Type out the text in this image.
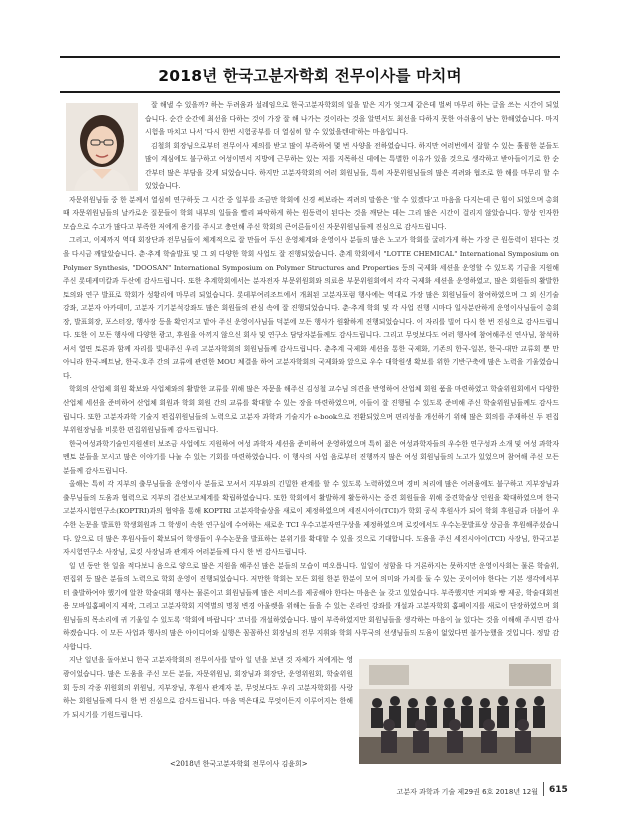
2018년 한국고분자학회 전무이사를 마치며

잘 해낼 수 있을까? 하는 두려움과 설레임으로 한국고분자학회의 일을 맡은 지가 엊그제 같은데 벌써 마무리 하는 글을 쓰는 시간이 되었습니다. 순간 순간에 최선을 다하는 것이 가장 잘 해 나가는 것이라는 것을 알면서도 최선을 다하지 못한 아쉬움이 남는 한해였습니다. 마지 시험을 마치고 나서 '다시 한번 시험공부를 더 열심히 할 수 있었을텐데'하는 마음입니다.

김철희 회장님으로부터 전무이사 제의를 받고 많이 부족하여 몇 번 사양을 전하였습니다. 하지만 여러번에서 잘할 수 있는 훌륭한 분들도 많이 계심에도 불구하고 여성이면서 지방에 근무하는 있는 저를 지목하신 데에는 특별한 이유가 있을 것으로 생각하고 받아들이기로 한 순간부터 많은 부담을 갖게 되었습니다. 하지만 고분자학회의 여러 회원님들, 특히 자문위원님들의 많은 격려와 협조로 한 해를 마무리 할 수 있었습니다.

자문위원님들 중 한 분께서 열심히 연구하듯 그 시간 중 일부를 조금만 학회에 신경 써보라는 격려의 말씀은 '할 수 있겠다'고 마음을 다지는데 큰 힘이 되었으며 총회 때 자문위원님들의 날카로운 질문들이 학회 내부의 일들을 빨리 파악하게 하는 원동력이 된다는 것을 깨닫는 데는 그리 많은 시간이 걸리지 않았습니다. 항상 인자한 모습으로 수고가 많다고 부족한 저에게 용기를 주시고 충언해 주신 학회의 큰어른들이신 자문위원님들께 진심으로 감사드립니다.

그리고, 이제까지 역대 회장단과 전무님들이 체계적으로 잘 만들어 두신 운영체계와 운영이사 분들의 많은 노고가 학회를 굴러가게 하는 가장 큰 원동력이 된다는 것을 다시금 깨달았습니다. 춘·추계 학술발표 및 그 외 다양한 학회 사업도 잘 진행되었습니다. 춘계 학회에서 "LOTTE CHEMICAL" International Symposium on Polymer Synthesis, "DOOSAN" International Symposium on Polymer Structures and Properties 등의 국제화 세션을 운영할 수 있도록 기금을 지원해 주신 롯데케미칼과 두산에 감사드립니다. 또한 추계학회에서는 분자전자 부문위원회와 의료용 부문위원회에서 각각 국제화 세션을 운영하였고, 많은 회원들의 활발한 토의와 연구 발표로 학회가 성황리에 마무리 되었습니다. 롯데부여리조트에서 개최된 고분자포럼 행사에는 역대로 가장 많은 회원님들이 참여하였으며 그 외 신기술 강좌, 고분자 아카데미, 고분자 기기분석강좌도 많은 회원들의 관심 속에 잘 진행되었습니다. 춘·추계 학회 및 각 사업 진행 시마다 일사분란하게 운영이사님들이 총회장, 발표회장, 포스터장, 행사장 등을 확인지고 맡아 주신 운영이사님들 덕분에 모든 행사가 원활하게 진행되었습니다. 이 자리를 빌어 다시 한 번 진심으로 감사드립니다. 또한 이 모든 행사에 다양한 광고, 후원을 아끼지 않으신 회사 및 연구소 담당자분들께도 감사드립니다. 그리고 무엇보다도 여러 행사에 참여해주신 연사님, 참석하셔서 열띤 토론과 함께 자리를 빛내주신 우리 고분자학회의 회원님들께 감사드립니다. 춘추계 국제화 세션을 통한 국제화, 기존의 한국-일본, 한국-대만 교류회 뿐 만 아니라 한국-베트남, 한국-호주 간의 교류에 관련한 MOU 체결을 하여 고분자학회의 국제화와 앞으로 우수 대학원생 확보를 위한 기반구축에 많은 노력을 기울였습니다.

학회의 산업체 회원 확보와 사업체와의 활발한 교류를 위해 많은 자문을 해주신 김성철 교수님 의견을 반영하여 산업체 회원 품을 마련하였고 학술위원회에서 다양한 산업체 세션을 준비하여 산업체 회원과 학회 회원 간의 교류를 확대할 수 있는 장을 마련하였으며, 이들이 잘 진행될 수 있도록 준비해 주신 학술위원님들께도 감사드립니다. 또한 고분자과학 기술지 편집위원님들의 노력으로 고분자 과학과 기술지가 e-book으로 전환되었으며 편리성을 개선하기 위해 많은 회의를 주재하신 두 편집 부위원장님을 비롯한 편집위원님들께 감사드립니다.

한국여성과학기술인지원센터 보조금 사업에도 지원하여 여성 과학자 세션을 준비하여 운영하였으며 특히 젊은 여성과학자들의 우수한 연구성과 소개 및 여성 과학자 멘토 분들을 모시고 많은 이야기를 나눌 수 있는 기회를 마련하였습니다. 이 행사의 사업 음로부터 진행까지 많은 여성 회원님들의 노고가 있었으며 참여해 주신 모든 분들께 감사드립니다.

올해는 특히 각 지부의 출무님들을 운영이사 분들로 모셔서 지부와의 긴밀한 관계를 할 수 있도록 노력하였으며 경비 처리에 많은 어려움에도 불구하고 지부장님과 출무님들의 도움과 협력으로 지부의 결산보고체계를 확립하였습니다. 또한 학회에서 활발하게 활동하시는 중견 회원들을 위해 중견학술상 인원을 확대하였으며 한국고분자시험연구소(KOPTRI)과의 협약을 통해 KOPTRI 고분자학술상을 새로이 제정하였으며 세진시아이(TCI)가 학회 공식 후원사가 되어 학회 후원금과 더불어 우수한 논문을 발표한 학생회원과 그 학생이 속한 연구실에 수여하는 새로운 TCI 우수고분자연구상을 제정하였으며 로킷에서도 우수논문발표상 상금을 후원해주셨습니다. 앞으로 더 많은 후원사들이 확보되어 학생들이 우수논문을 발표하는 분위기를 확대할 수 있을 것으로 기대합니다. 도움을 주신 세진시아이(TCI) 사장님, 한국고분자시험연구소 사장님, 로킷 사장님과 관계자 여러분들께 다시 한 번 감사드립니다.

일 년 동안 한 일을 적다보니 음으로 양으로 많은 지원을 해주신 많은 분들의 모습이 떠오릅니다. 일일이 성함을 다 거론하지는 못하지만 운영이사회는 물론 학술위, 편집위 등 많은 분들의 노력으로 학회 운영이 진행되었습니다. 저만한 학회는 모든 회원 한분 한분이 모여 의미와 가치를 둘 수 있는 곳이어야 한다는 기본 생각에서부터 출발하여야 했기에 알찬 학술대회 행사는 물론이고 회원님들께 많은 서비스를 제공해야 한다는 마음은 늘 갖고 있었습니다. 부족했지만 커피와 빵 제공, 학술대회전용 모바일홈페이지 제작, 그리고 고분자학회 지역별의 명칭 변경 아울렛을 위해는 들을 수 있는 온라인 강좌를 개설과 고분자학회 홈페이지를 새로이 단장하였으며 회원님들의 목소리에 귀 기울일 수 있도록 '학회에 바랍니다' 코너를 개설하였습니다. 많이 부족하였지만 회원님들을 생각하는 마음이 늘 있다는 것을 이해해 주시면 감사하겠습니다. 이 모든 사업과 행사의 많은 아이디어와 실행은 꼼꼼하신 회장님의 전무 지휘와 학회 사무국의 선생님들의 도움이 없었다면 불가능했을 것입니다. 정말 감사합니다.

지난 일년을 돌아보니 한국 고분자학회의 전무이사를 맡아 일 년을 보낸 것 자체가 저에게는 영광이었습니다. 많은 도움을 주신 모든 분들, 자문위원님, 회장님과 회장단, 운영위원회, 학술위원회 등의 각종 위원회의 위원님, 지부장님, 후원사 관계자 분, 무엇보다도 우리 고분자학회를 사랑하는 회원님들께 다시 한 번 진심으로 감사드립니다. 마음 먹은대로 무엇이든지 이루어지는 한해가 되시기를 기원드립니다.

<2018년 한국고분자학회 전무이사 김윤희>
고분자 과학과 기술 제29권 6호 2018년 12월 615
